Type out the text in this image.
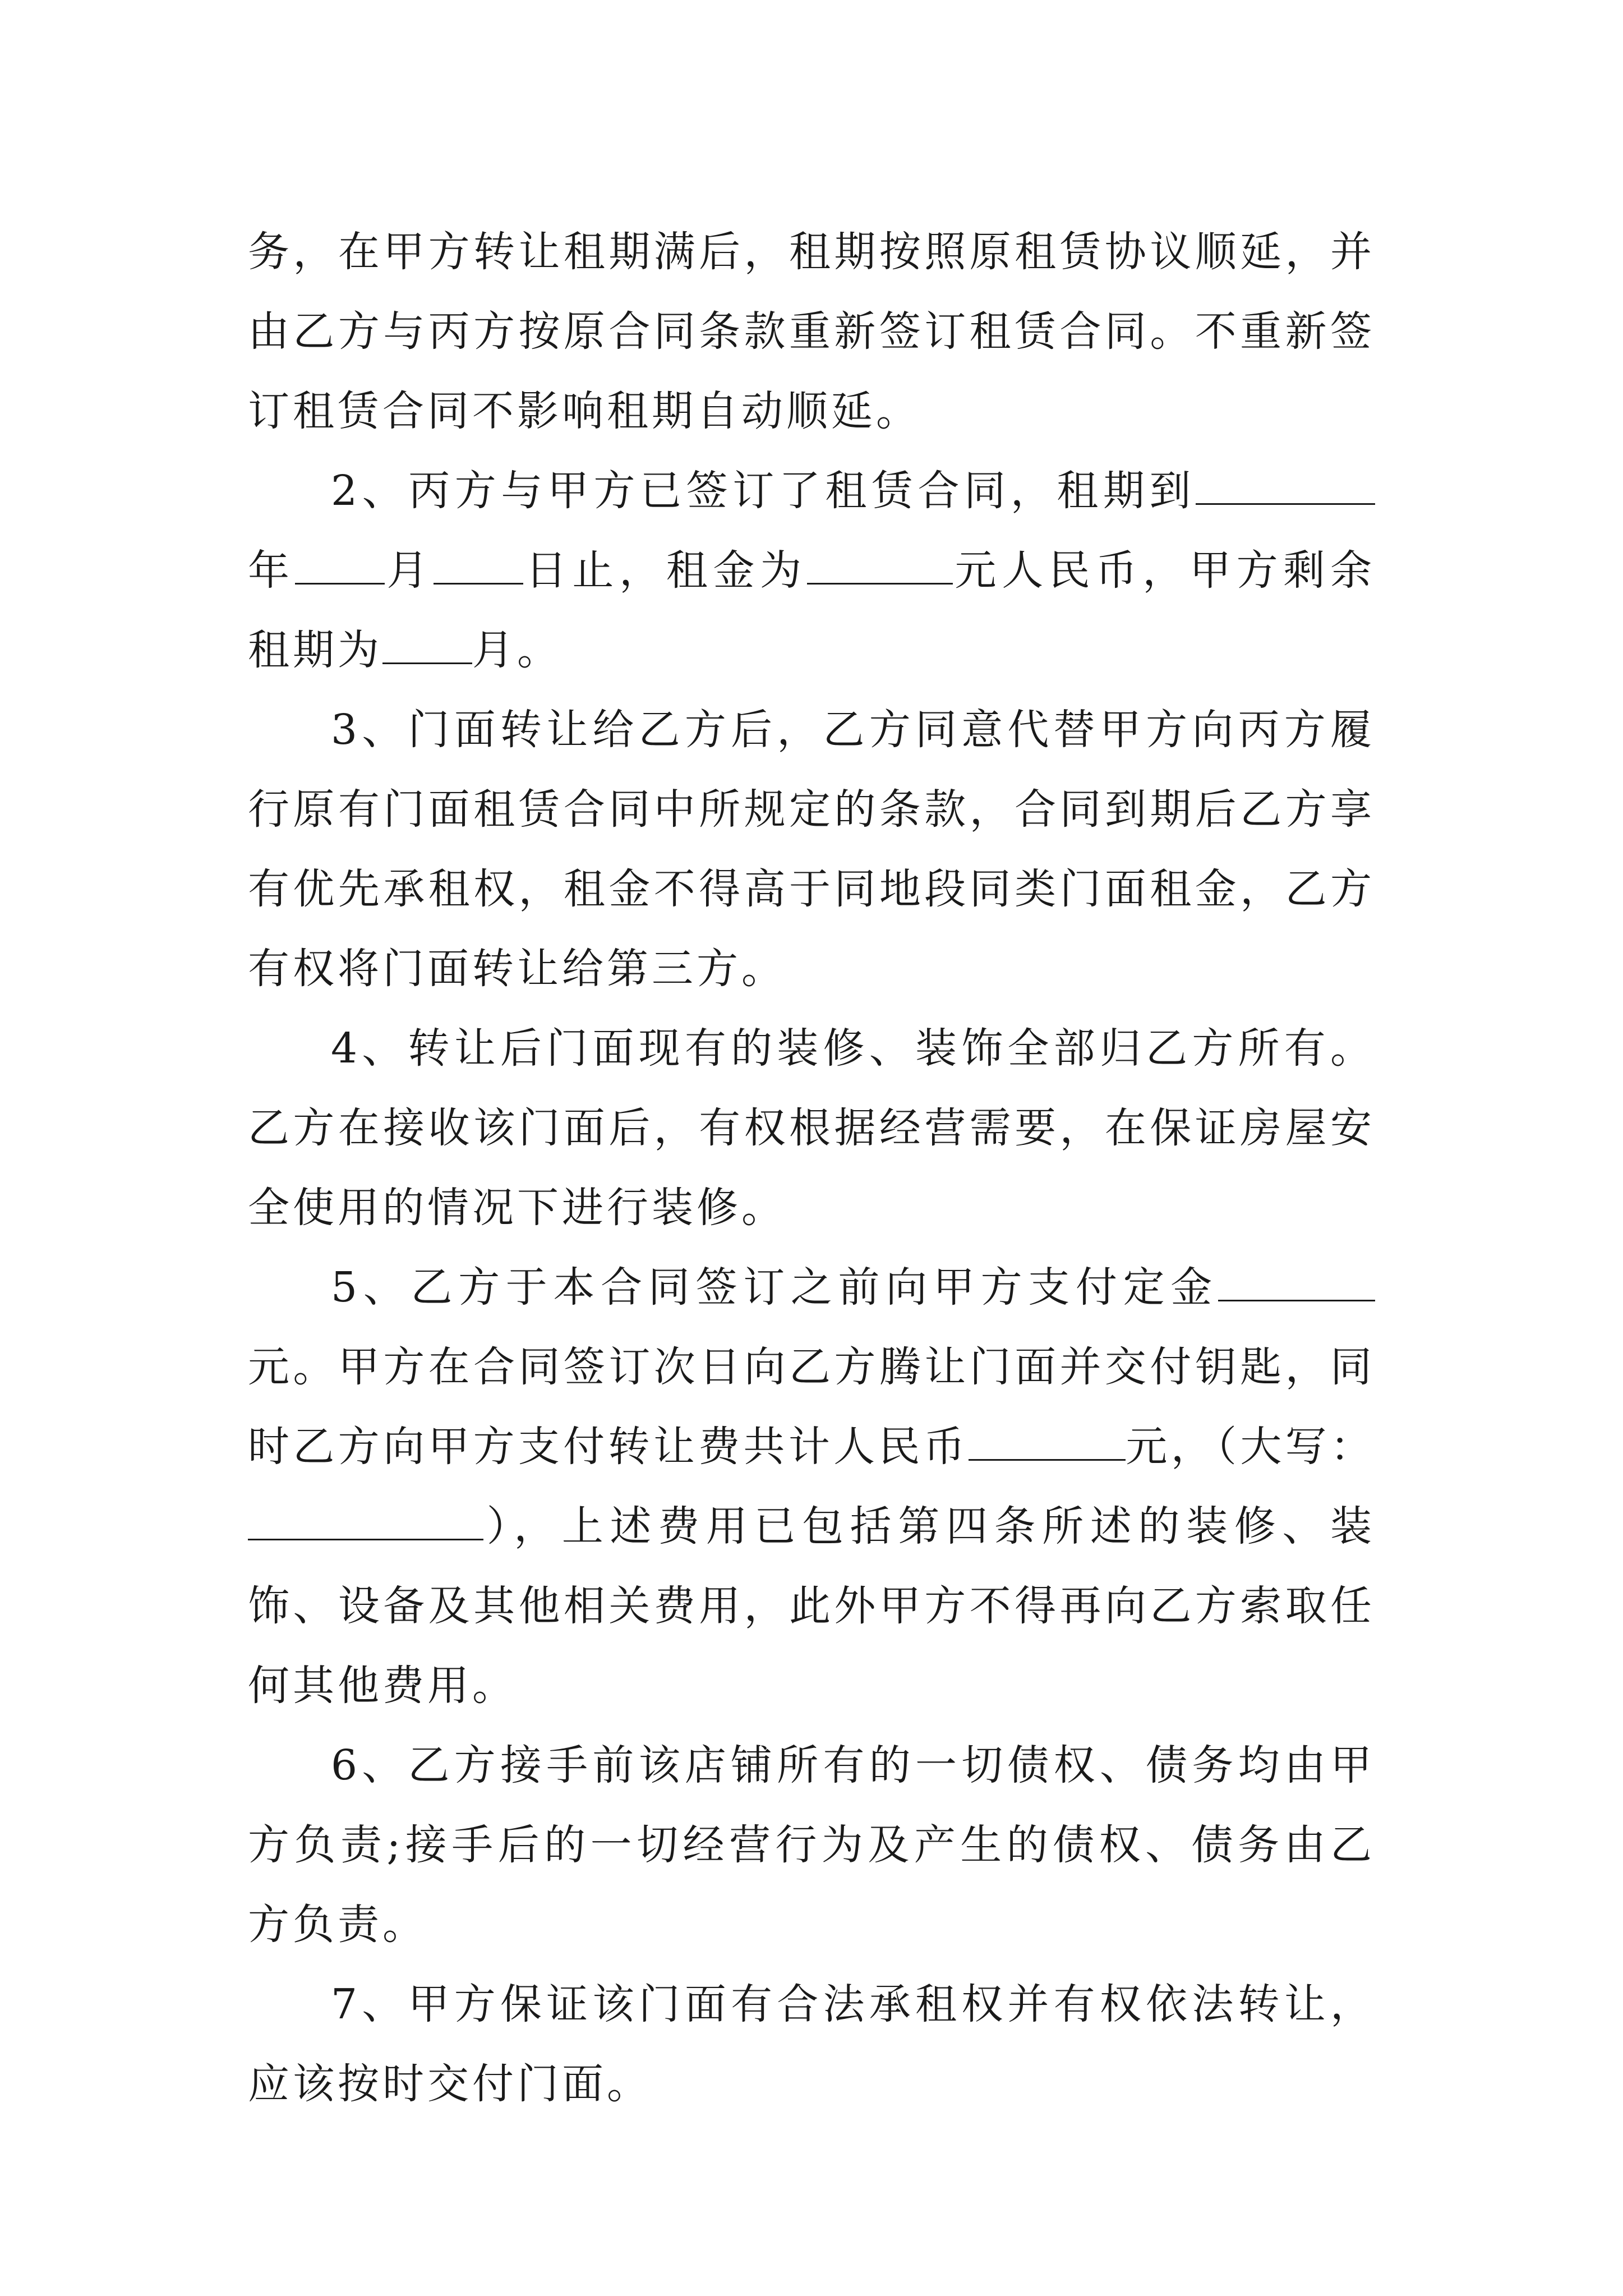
务，在甲方转让租期满后，租期按照原租赁协议顺延，并由乙方与丙方按原合同条款重新签订租赁合同。不重新签订租赁合同不影响租期自动顺延。

2、丙方与甲方已签订了租赁合同，租期到年 月 日止，租金为	元人民币，甲方剩余租期为 月。

3、门面转让给乙方后，乙方同意代替甲方向丙方履行原有门面租赁合同中所规定的条款，合同到期后乙方享有优先承租权，租金不得高于同地段同类门面租金，乙方有权将门面转让给第三方。

4、转让后门面现有的装修、装饰全部归乙方所有。乙方在接收该门面后，有权根据经营需要，在保证房屋安全使用的情况下进行装修。

5、乙方于本合同签订之前向甲方支付定金元。甲方在合同签订次日向乙方腾让门面并交付钥匙，同时乙方向甲方支付转让费共计人民币	元，（大写：），上述费用已包括第四条所述的装修、装饰、设备及其他相关费用，此外甲方不得再向乙方索取任何其他费用。

6、乙方接手前该店铺所有的一切债权、债务均由甲方负责;接手后的一切经营行为及产生的债权、债务由乙方负责。

7、甲方保证该门面有合法承租权并有权依法转让，应该按时交付门面。
